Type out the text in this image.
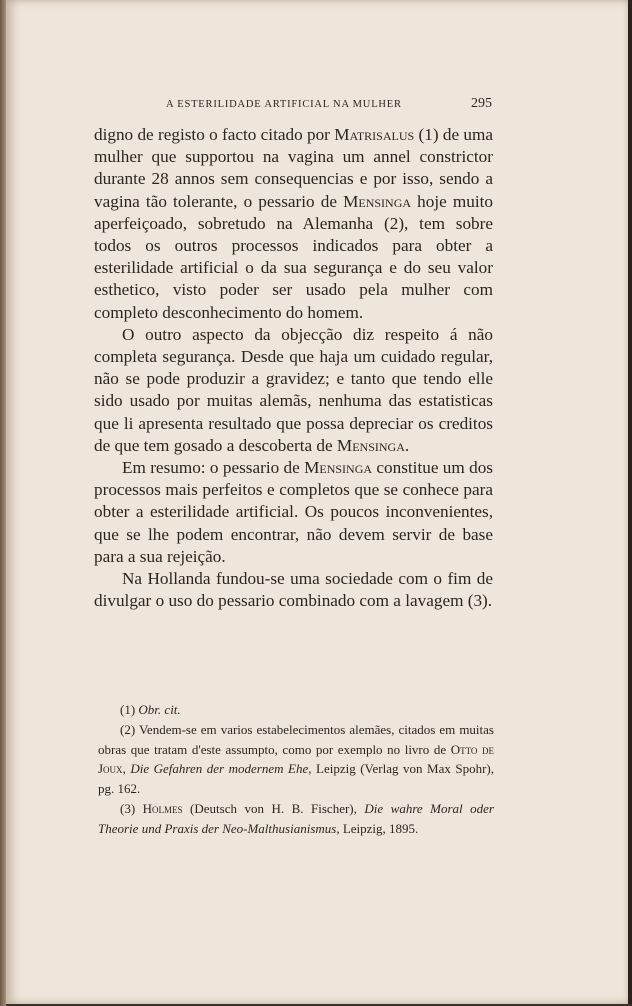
A ESTERILIDADE ARTIFICIAL NA MULHER	295

digno de registo o facto citado por Matrisalus (1) de uma mulher que supportou na vagina um annel constrictor durante 28 annos sem consequencias e por isso, sendo a vagina tão tolerante, o pessario de Mensinga hoje muito aperfeiçoado, sobretudo na Alemanha (2), tem sobre todos os outros processos indicados para obter a esterilidade artificial o da sua segurança e do seu valor esthetico, visto poder ser usado pela mulher com completo desconhecimento do homem.

O outro aspecto da objecção diz respeito á não completa segurança. Desde que haja um cuidado regular, não se pode produzir a gravidez; e tanto que tendo elle sido usado por muitas alemãs, nenhuma das estatisticas que li apresenta resultado que possa depreciar os creditos de que tem gosado a descoberta de Mensinga.

Em resumo: o pessario de Mensinga constitue um dos processos mais perfeitos e completos que se conhece para obter a esterilidade artificial. Os poucos inconvenientes, que se lhe podem encontrar, não devem servir de base para a sua rejeição.

Na Hollanda fundou-se uma sociedade com o fim de divulgar o uso do pessario combinado com a lavagem (3).

(1) Obr. cit.

(2) Vendem-se em varios estabelecimentos alemães, citados em muitas obras que tratam d'este assumpto, como por exemplo no livro de Otto de Joux, Die Gefahren der modernem Ehe, Leipzig (Verlag von Max Spohr), pg. 162.

(3) Holmes (Deutsch von H. B. Fischer), Die wahre Moral oder Theorie und Praxis der Neo-Malthusianismus, Leipzig, 1895.
